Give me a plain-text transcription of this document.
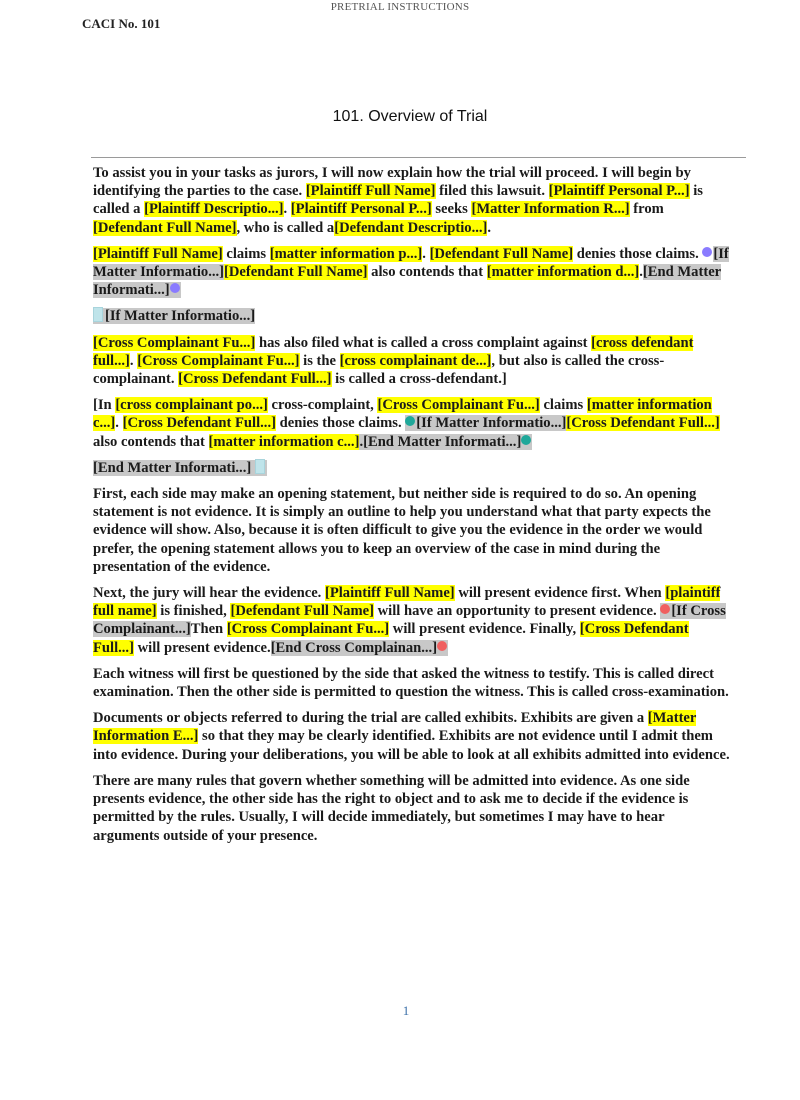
PRETRIAL INSTRUCTIONS
CACI No. 101
101. Overview of Trial

To assist you in your tasks as jurors, I will now explain how the trial will proceed. I will begin by identifying the parties to the case. [Plaintiff Full Name] filed this lawsuit. [Plaintiff Personal P...] is called a [Plaintiff Descriptio...]. [Plaintiff Personal P...] seeks [Matter Information R...] from [Defendant Full Name], who is called a[Defendant Descriptio...].

[Plaintiff Full Name] claims [matter information p...]. [Defendant Full Name] denies those claims. [If Matter Informatio...][Defendant Full Name] also contends that [matter information d...].[End Matter Informati...]

[If Matter Informatio...]

[Cross Complainant Fu...] has also filed what is called a cross complaint against [cross defendant full...]. [Cross Complainant Fu...] is the [cross complainant de...], but also is called the cross-complainant. [Cross Defendant Full...] is called a cross-defendant.]

[In [cross complainant po...] cross-complaint, [Cross Complainant Fu...] claims [matter information c...]. [Cross Defendant Full...] denies those claims. [If Matter Informatio...][Cross Defendant Full...] also contends that [matter information c...].[End Matter Informati...]

[End Matter Informati...]

First, each side may make an opening statement, but neither side is required to do so. An opening statement is not evidence. It is simply an outline to help you understand what that party expects the evidence will show. Also, because it is often difficult to give you the evidence in the order we would prefer, the opening statement allows you to keep an overview of the case in mind during the presentation of the evidence.

Next, the jury will hear the evidence. [Plaintiff Full Name] will present evidence first. When [plaintiff full name] is finished, [Defendant Full Name] will have an opportunity to present evidence. [If Cross Complainant...]Then [Cross Complainant Fu...] will present evidence. Finally, [Cross Defendant Full...] will present evidence.[End Cross Complainan...]

Each witness will first be questioned by the side that asked the witness to testify. This is called direct examination. Then the other side is permitted to question the witness. This is called cross-examination.

Documents or objects referred to during the trial are called exhibits. Exhibits are given a [Matter Information E...] so that they may be clearly identified. Exhibits are not evidence until I admit them into evidence. During your deliberations, you will be able to look at all exhibits admitted into evidence.

There are many rules that govern whether something will be admitted into evidence. As one side presents evidence, the other side has the right to object and to ask me to decide if the evidence is permitted by the rules. Usually, I will decide immediately, but sometimes I may have to hear arguments outside of your presence.

1
